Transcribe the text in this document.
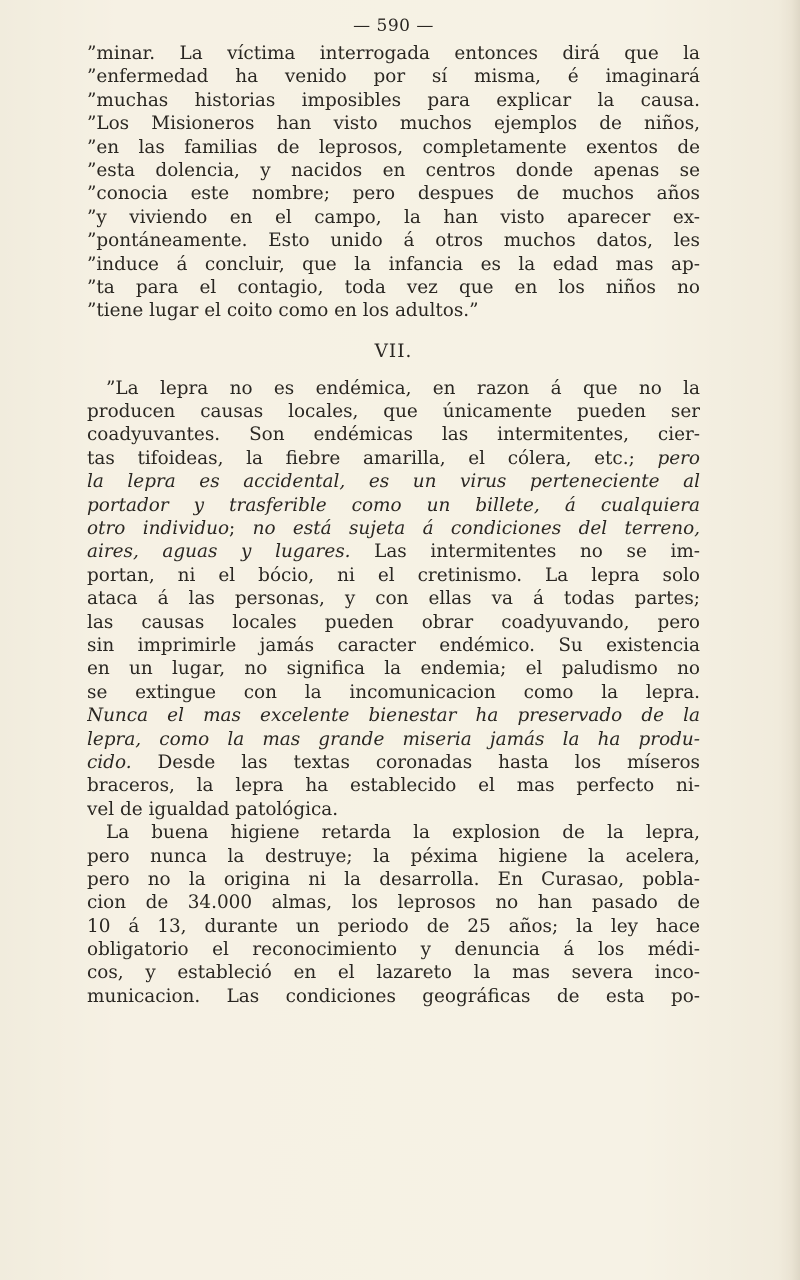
— 590 —
”minar. La víctima interrogada entonces dirá que la
”enfermedad ha venido por sí misma, é imaginará
”muchas historias imposibles para explicar la causa.
”Los Misioneros han visto muchos ejemplos de niños,
”en las familias de leprosos, completamente exentos de
”esta dolencia, y nacidos en centros donde apenas se
”conocia este nombre; pero despues de muchos años
”y viviendo en el campo, la han visto aparecer ex-
”pontáneamente. Esto unido á otros muchos datos, les
”induce á concluir, que la infancia es la edad mas ap-
”ta para el contagio, toda vez que en los niños no
”tiene lugar el coito como en los adultos.”
VII.
”La lepra no es endémica, en razon á que no la
producen causas locales, que únicamente pueden ser
coadyuvantes. Son endémicas las intermitentes, cier-
tas tifoideas, la fiebre amarilla, el cólera, etc.; pero
la lepra es accidental, es un virus perteneciente al
portador y trasferible como un billete, á cualquiera
otro individuo; no está sujeta á condiciones del terreno,
aires, aguas y lugares. Las intermitentes no se im-
portan, ni el bócio, ni el cretinismo. La lepra solo
ataca á las personas, y con ellas va á todas partes;
las causas locales pueden obrar coadyuvando, pero
sin imprimirle jamás caracter endémico. Su existencia
en un lugar, no significa la endemia; el paludismo no
se extingue con la incomunicacion como la lepra.
Nunca el mas excelente bienestar ha preservado de la
lepra, como la mas grande miseria jamás la ha produ-
cido. Desde las textas coronadas hasta los míseros
braceros, la lepra ha establecido el mas perfecto ni-
vel de igualdad patológica.
La buena higiene retarda la explosion de la lepra,
pero nunca la destruye; la péxima higiene la acelera,
pero no la origina ni la desarrolla. En Curasao, pobla-
cion de 34.000 almas, los leprosos no han pasado de
10 á 13, durante un periodo de 25 años; la ley hace
obligatorio el reconocimiento y denuncia á los médi-
cos, y estableció en el lazareto la mas severa inco-
municacion. Las condiciones geográficas de esta po-
